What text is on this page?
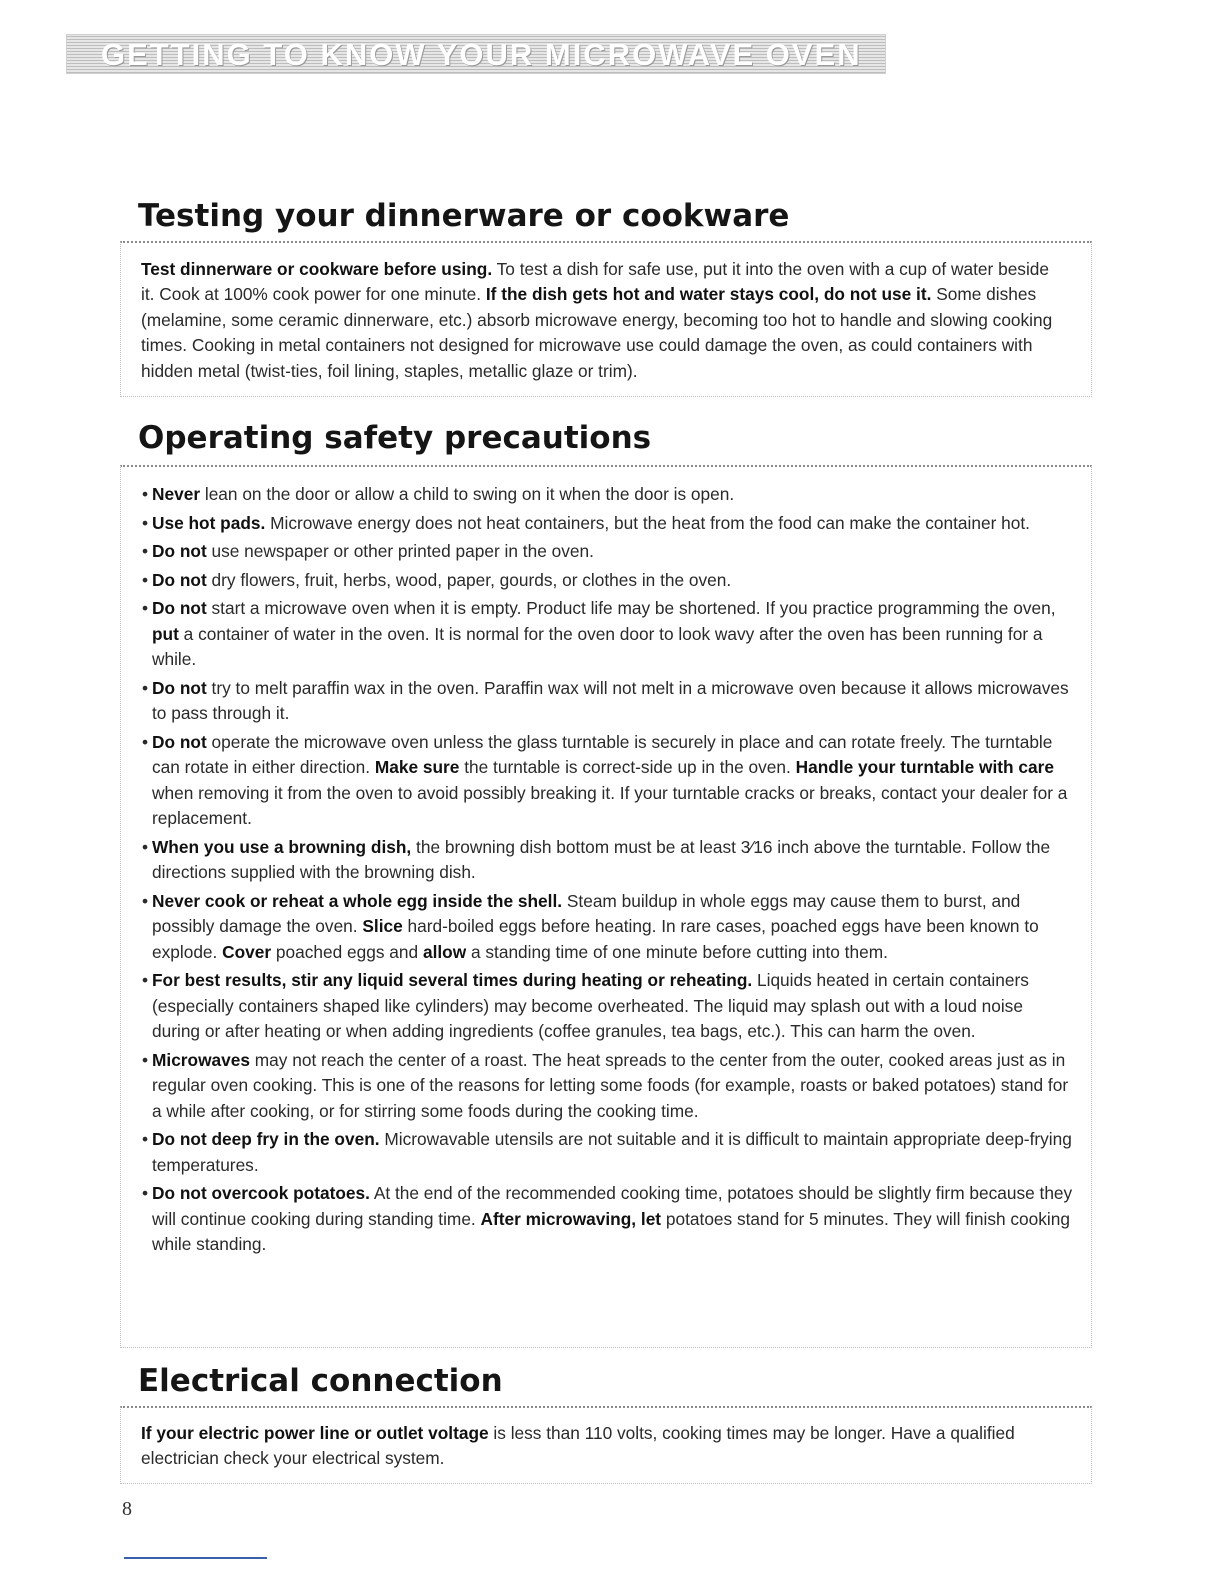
GETTING TO KNOW YOUR MICROWAVE OVEN

Testing your dinnerware or cookware

Test dinnerware or cookware before using. To test a dish for safe use, put it into the oven with a cup of water beside it. Cook at 100% cook power for one minute. If the dish gets hot and water stays cool, do not use it. Some dishes (melamine, some ceramic dinnerware, etc.) absorb microwave energy, becoming too hot to handle and slowing cooking times. Cooking in metal containers not designed for microwave use could damage the oven, as could containers with hidden metal (twist-ties, foil lining, staples, metallic glaze or trim).

Operating safety precautions
• Never lean on the door or allow a child to swing on it when the door is open.
• Use hot pads. Microwave energy does not heat containers, but the heat from the food can make the container hot.
• Do not use newspaper or other printed paper in the oven.
• Do not dry flowers, fruit, herbs, wood, paper, gourds, or clothes in the oven.
• Do not start a microwave oven when it is empty. Product life may be shortened. If you practice programming the oven, put a container of water in the oven. It is normal for the oven door to look wavy after the oven has been running for a while.
• Do not try to melt paraffin wax in the oven. Paraffin wax will not melt in a microwave oven because it allows microwaves to pass through it.
• Do not operate the microwave oven unless the glass turntable is securely in place and can rotate freely. The turntable can rotate in either direction. Make sure the turntable is correct-side up in the oven. Handle your turntable with care when removing it from the oven to avoid possibly breaking it. If your turntable cracks or breaks, contact your dealer for a replacement.
• When you use a browning dish, the browning dish bottom must be at least 3⁄16 inch above the turntable. Follow the directions supplied with the browning dish.
• Never cook or reheat a whole egg inside the shell. Steam buildup in whole eggs may cause them to burst, and possibly damage the oven. Slice hard-boiled eggs before heating. In rare cases, poached eggs have been known to explode. Cover poached eggs and allow a standing time of one minute before cutting into them.
• For best results, stir any liquid several times during heating or reheating. Liquids heated in certain containers (especially containers shaped like cylinders) may become overheated. The liquid may splash out with a loud noise during or after heating or when adding ingredients (coffee granules, tea bags, etc.). This can harm the oven.
• Microwaves may not reach the center of a roast. The heat spreads to the center from the outer, cooked areas just as in regular oven cooking. This is one of the reasons for letting some foods (for example, roasts or baked potatoes) stand for a while after cooking, or for stirring some foods during the cooking time.
• Do not deep fry in the oven. Microwavable utensils are not suitable and it is difficult to maintain appropriate deep-frying temperatures.
• Do not overcook potatoes. At the end of the recommended cooking time, potatoes should be slightly firm because they will continue cooking during standing time. After microwaving, let potatoes stand for 5 minutes. They will finish cooking while standing.
Electrical connection

If your electric power line or outlet voltage is less than 110 volts, cooking times may be longer. Have a qualified electrician check your electrical system.

8
